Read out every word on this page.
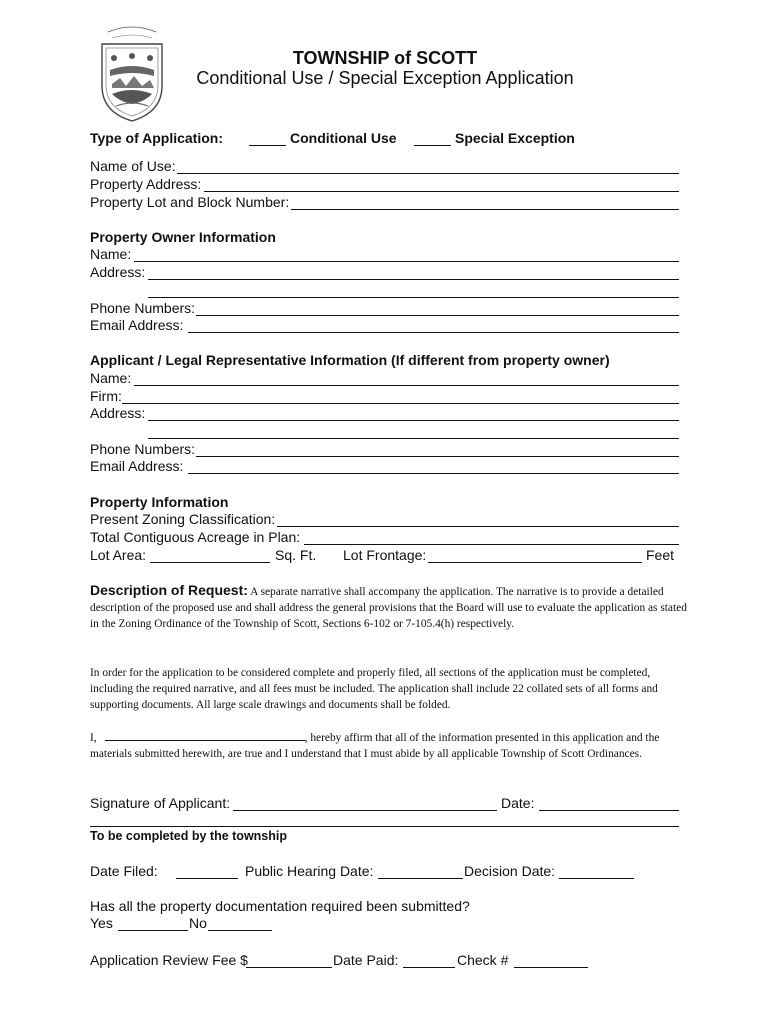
TOWNSHIP of SCOTT
Conditional Use / Special Exception Application
Type of Application:	Conditional Use	Special Exception
Name of Use:
Property Address:
Property Lot and Block Number:
Property Owner Information
Name:
Address:
Phone Numbers:
Email Address:
Applicant / Legal Representative Information (If different from property owner)
Name:
Firm:
Address:
Phone Numbers:
Email Address:
Property Information
Present Zoning Classification:
Total Contiguous Acreage in Plan:
Lot Area:	Sq. Ft. Lot Frontage:	Feet
Description of Request: A separate narrative shall accompany the application. The narrative is to provide a detailed description of the proposed use and shall address the general provisions that the Board will use to evaluate the application as stated in the Zoning Ordinance of the Township of Scott, Sections 6-102 or 7-105.4(h) respectively.
In order for the application to be considered complete and properly filed, all sections of the application must be completed, including the required narrative, and all fees must be included. The application shall include 22 collated sets of all forms and supporting documents. All large scale drawings and documents shall be folded.
I,	, hereby affirm that all of the information presented in this application and the materials submitted herewith, are true and I understand that I must abide by all applicable Township of Scott Ordinances.
Signature of Applicant:	Date:
To be completed by the township
Date Filed:	Public Hearing Date:	Decision Date:
Has all the property documentation required been submitted?
Yes	No
Application Review Fee $	Date Paid:	Check #
